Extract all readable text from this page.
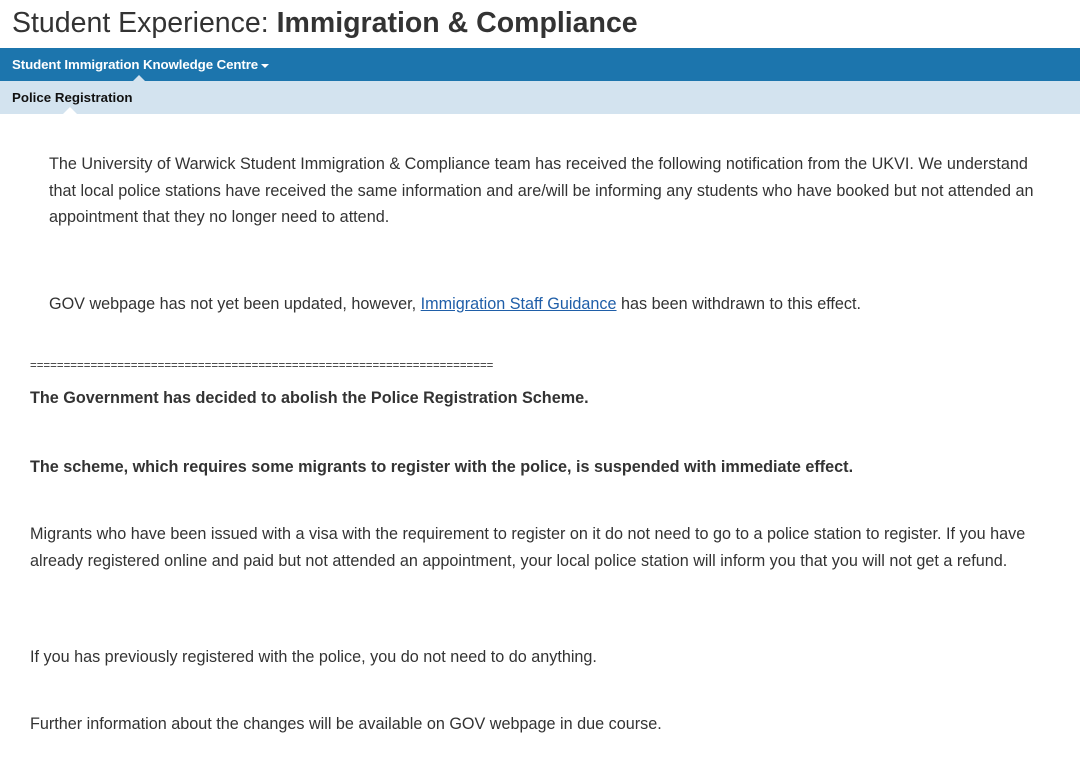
Student Experience: Immigration & Compliance
Student Immigration Knowledge Centre
Police Registration

The University of Warwick Student Immigration & Compliance team has received the following notification from the UKVI. We understand that local police stations have received the same information and are/will be informing any students who have booked but not attended an appointment that they no longer need to attend.

GOV webpage has not yet been updated, however, Immigration Staff Guidance has been withdrawn to this effect.

=====================================================================

The Government has decided to abolish the Police Registration Scheme.

The scheme, which requires some migrants to register with the police, is suspended with immediate effect.

Migrants who have been issued with a visa with the requirement to register on it do not need to go to a police station to register. If you have already registered online and paid but not attended an appointment, your local police station will inform you that you will not get a refund.

If you has previously registered with the police, you do not need to do anything.

Further information about the changes will be available on GOV webpage in due course.
